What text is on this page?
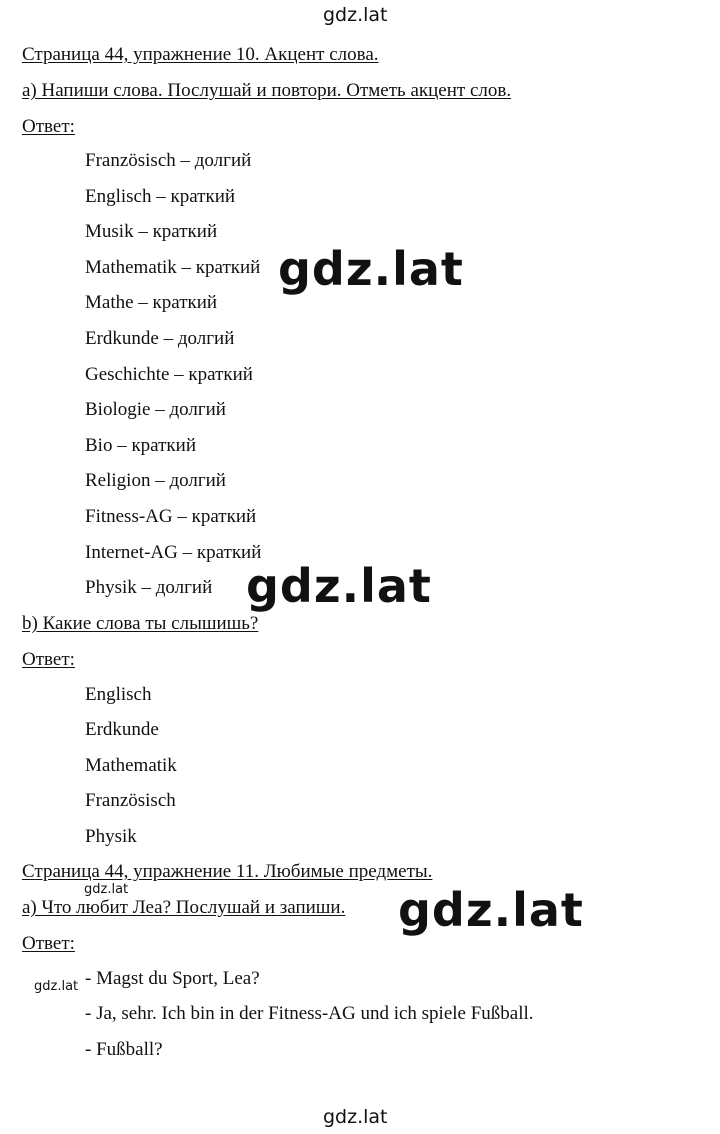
gdz.lat
Страница 44, упражнение 10. Акцент слова.
а) Напиши слова. Послушай и повтори. Отметь акцент слов.
Ответ:
Französisch – долгий
Englisch – краткий
Musik – краткий
Mathematik – краткий
Mathe – краткий
Erdkunde – долгий
Geschichte – краткий
Biologie – долгий
Bio – краткий
Religion – долгий
Fitness-AG – краткий
Internet-AG – краткий
Physik – долгий
gdz.lat
gdz.lat
b) Какие слова ты слышишь?
Ответ:
Englisch
Erdkunde
Mathematik
Französisch
Physik
Страница 44, упражнение 11. Любимые предметы.
gdz.lat
а) Что любит Леа? Послушай и запиши. gdz.lat
Ответ:
gdz.lat - Magst du Sport, Lea?
- Ja, sehr. Ich bin in der Fitness-AG und ich spiele Fußball.
- Fußball?
gdz.lat
